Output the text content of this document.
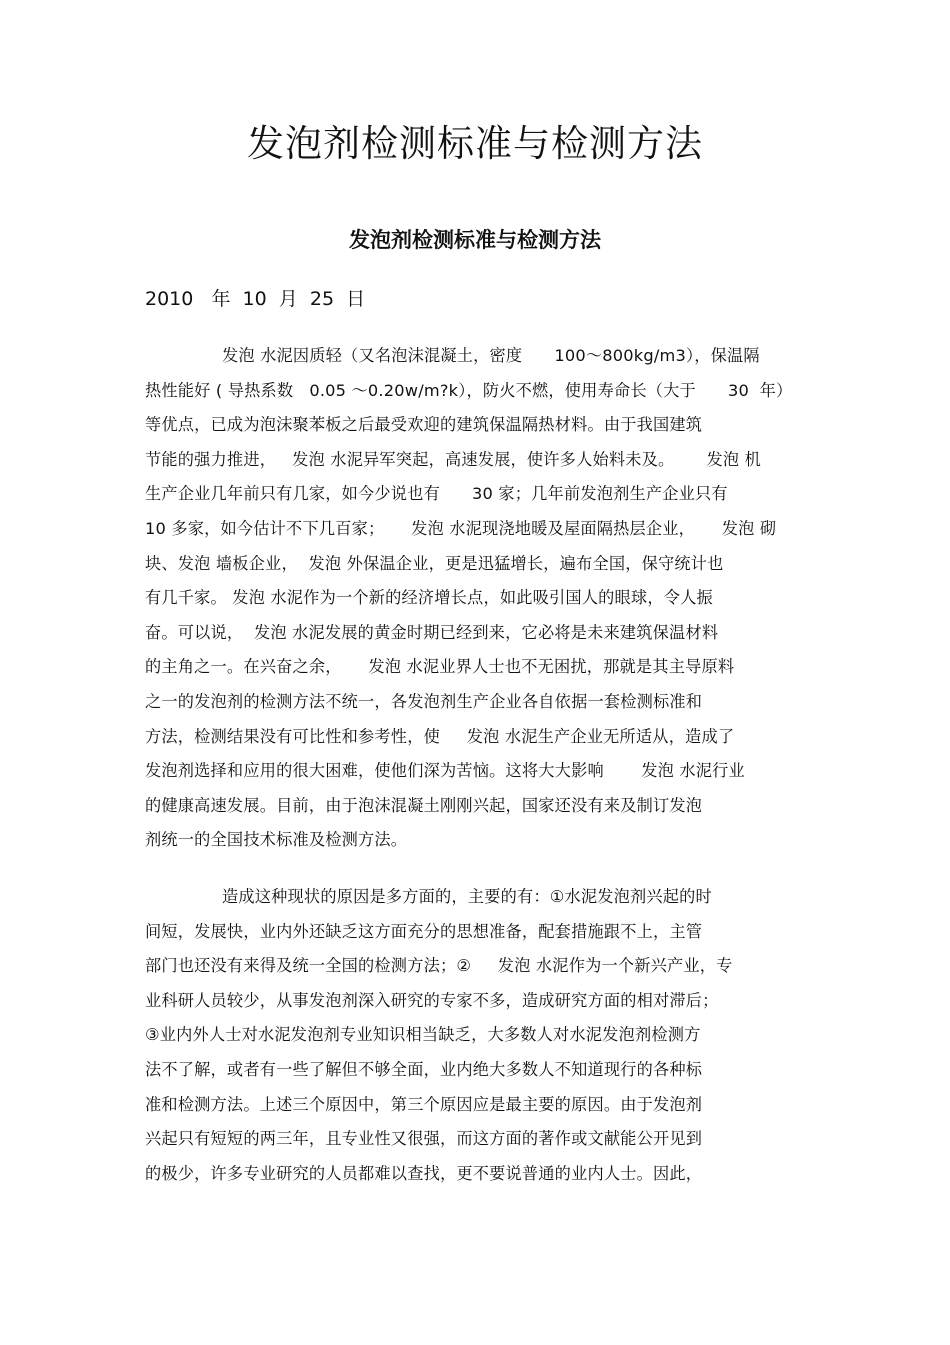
发泡剂检测标准与检测方法
发泡剂检测标准与检测方法

2010   年  10  月  25  日

发泡 水泥因质轻（又名泡沫混凝土，密度      100～800kg/m3），保温隔
热性能好 ( 导热系数   0.05 ～0.20w/m?k），防火不燃，使用寿命长（大于      30  年）
等优点，已成为泡沫聚苯板之后最受欢迎的建筑保温隔热材料。由于我国建筑
节能的强力推进，   发泡 水泥异军突起，高速发展，使许多人始料未及。      发泡 机
生产企业几年前只有几家，如今少说也有      30 家；几年前发泡剂生产企业只有
10 多家，如今估计不下几百家；     发泡 水泥现浇地暖及屋面隔热层企业，     发泡 砌
块、发泡 墙板企业，  发泡 外保温企业，更是迅猛增长，遍布全国，保守统计也
有几千家。 发泡 水泥作为一个新的经济增长点，如此吸引国人的眼球，令人振
奋。可以说，  发泡 水泥发展的黄金时期已经到来，它必将是未来建筑保温材料
的主角之一。在兴奋之余，     发泡 水泥业界人士也不无困扰，那就是其主导原料
之一的发泡剂的检测方法不统一，各发泡剂生产企业各自依据一套检测标准和
方法，检测结果没有可比性和参考性，使     发泡 水泥生产企业无所适从，造成了
发泡剂选择和应用的很大困难，使他们深为苦恼。这将大大影响       发泡 水泥行业
的健康高速发展。目前，由于泡沫混凝土刚刚兴起，国家还没有来及制订发泡
剂统一的全国技术标准及检测方法。
造成这种现状的原因是多方面的，主要的有：①水泥发泡剂兴起的时
间短，发展快，业内外还缺乏这方面充分的思想准备，配套措施跟不上，主管
部门也还没有来得及统一全国的检测方法；②     发泡 水泥作为一个新兴产业，专
业科研人员较少，从事发泡剂深入研究的专家不多，造成研究方面的相对滞后；
③业内外人士对水泥发泡剂专业知识相当缺乏，大多数人对水泥发泡剂检测方
法不了解，或者有一些了解但不够全面，业内绝大多数人不知道现行的各种标
准和检测方法。上述三个原因中，第三个原因应是最主要的原因。由于发泡剂
兴起只有短短的两三年，且专业性又很强，而这方面的著作或文献能公开见到
的极少，许多专业研究的人员都难以查找，更不要说普通的业内人士。因此，
